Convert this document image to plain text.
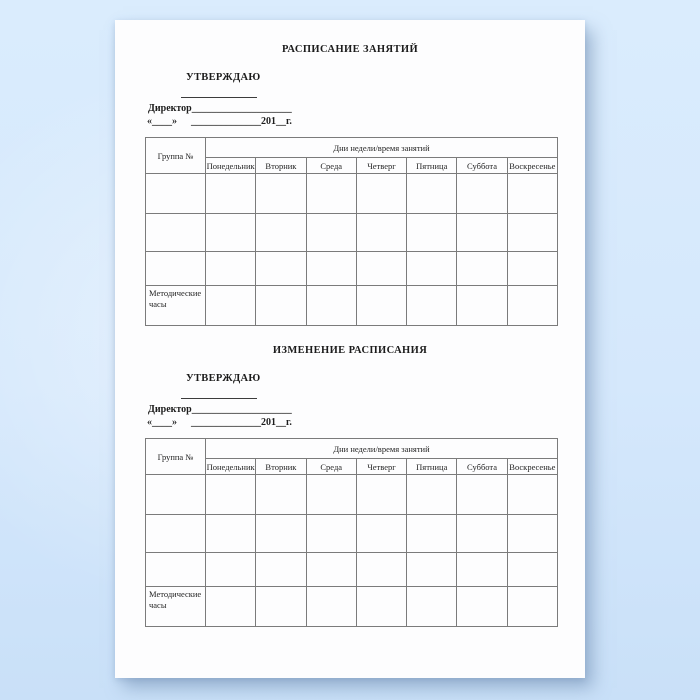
РАСПИСАНИЕ ЗАНЯТИЙ
УТВЕРЖДАЮ
Директор____________________
«____» ______________201__г.
Группа №	Дни недели/время занятий						
	Понедельник	Вторник	Среда	Четверг	Пятница	Суббота	Воскресенье

Методические часы							
ИЗМЕНЕНИЕ РАСПИСАНИЯ
УТВЕРЖДАЮ
Директор____________________
«____» ______________201__г.
Группа №	Дни недели/время занятий						
	Понедельник	Вторник	Среда	Четверг	Пятница	Суббота	Воскресенье

Методические часы							
